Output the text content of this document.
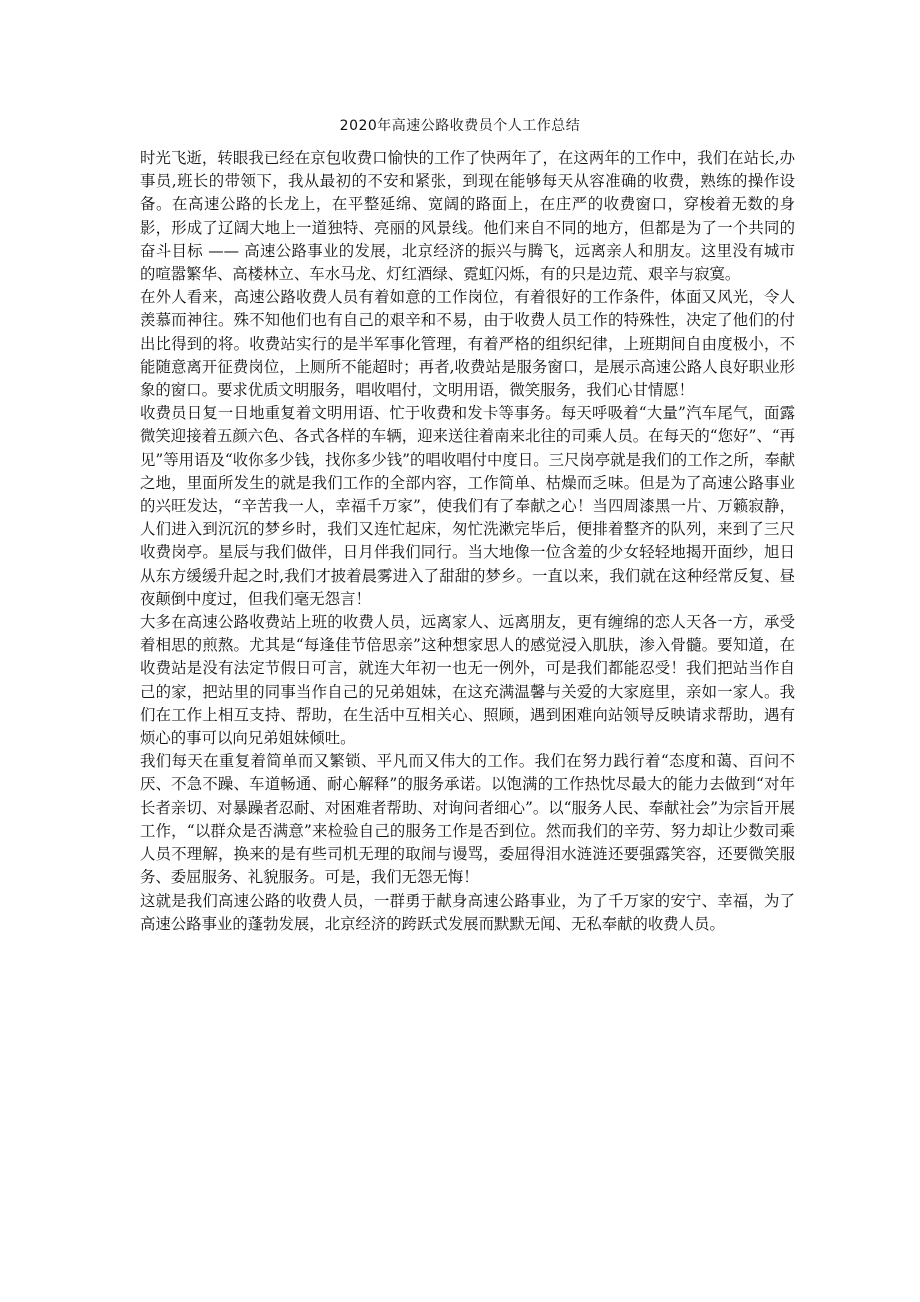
2020年高速公路收费员个人工作总结

时光飞逝，转眼我已经在京包收费口愉快的工作了快两年了，在这两年的工作中，我们在站长,办事员,班长的带领下，我从最初的不安和紧张，到现在能够每天从容准确的收费，熟练的操作设备。在高速公路的长龙上，在平整延绵、宽阔的路面上，在庄严的收费窗口，穿梭着无数的身影，形成了辽阔大地上一道独特、亮丽的风景线。他们来自不同的地方，但都是为了一个共同的奋斗目标 —— 高速公路事业的发展，北京经济的振兴与腾飞，远离亲人和朋友。这里没有城市的喧嚣繁华、高楼林立、车水马龙、灯红酒绿、霓虹闪烁，有的只是边荒、艰辛与寂寞。

在外人看来，高速公路收费人员有着如意的工作岗位，有着很好的工作条件，体面又风光，令人羡慕而神往。殊不知他们也有自己的艰辛和不易，由于收费人员工作的特殊性，决定了他们的付出比得到的将。收费站实行的是半军事化管理，有着严格的组织纪律，上班期间自由度极小，不能随意离开征费岗位，上厕所不能超时；再者,收费站是服务窗口，是展示高速公路人良好职业形象的窗口。要求优质文明服务，唱收唱付，文明用语，微笑服务，我们心甘情愿！

收费员日复一日地重复着文明用语、忙于收费和发卡等事务。每天呼吸着“大量”汽车尾气，面露微笑迎接着五颜六色、各式各样的车辆，迎来送往着南来北往的司乘人员。在每天的“您好”、“再见”等用语及“收你多少钱，找你多少钱”的唱收唱付中度日。三尺岗亭就是我们的工作之所，奉献之地，里面所发生的就是我们工作的全部内容，工作简单、枯燥而乏味。但是为了高速公路事业的兴旺发达，“辛苦我一人，幸福千万家”，使我们有了奉献之心！当四周漆黑一片、万籁寂静，人们进入到沉沉的梦乡时，我们又连忙起床，匆忙洗漱完毕后，便排着整齐的队列，来到了三尺收费岗亭。星辰与我们做伴，日月伴我们同行。当大地像一位含羞的少女轻轻地揭开面纱，旭日从东方缓缓升起之时,我们才披着晨雾进入了甜甜的梦乡。一直以来，我们就在这种经常反复、昼夜颠倒中度过，但我们毫无怨言！

大多在高速公路收费站上班的收费人员，远离家人、远离朋友，更有缠绵的恋人天各一方，承受着相思的煎熬。尤其是“每逢佳节倍思亲”这种想家思人的感觉浸入肌肤，渗入骨髓。要知道，在收费站是没有法定节假日可言，就连大年初一也无一例外，可是我们都能忍受！我们把站当作自己的家，把站里的同事当作自己的兄弟姐妹，在这充满温馨与关爱的大家庭里，亲如一家人。我们在工作上相互支持、帮助，在生活中互相关心、照顾，遇到困难向站领导反映请求帮助，遇有烦心的事可以向兄弟姐妹倾吐。

我们每天在重复着简单而又繁锁、平凡而又伟大的工作。我们在努力践行着“态度和蔼、百问不厌、不急不躁、车道畅通、耐心解释”的服务承诺。以饱满的工作热忱尽最大的能力去做到“对年长者亲切、对暴躁者忍耐、对困难者帮助、对询问者细心”。以“服务人民、奉献社会”为宗旨开展工作，“以群众是否满意”来检验自己的服务工作是否到位。然而我们的辛劳、努力却让少数司乘人员不理解，换来的是有些司机无理的取闹与谩骂，委屈得泪水涟涟还要强露笑容，还要微笑服务、委屈服务、礼貌服务。可是，我们无怨无悔！

这就是我们高速公路的收费人员，一群勇于献身高速公路事业，为了千万家的安宁、幸福，为了高速公路事业的蓬勃发展，北京经济的跨跃式发展而默默无闻、无私奉献的收费人员。
